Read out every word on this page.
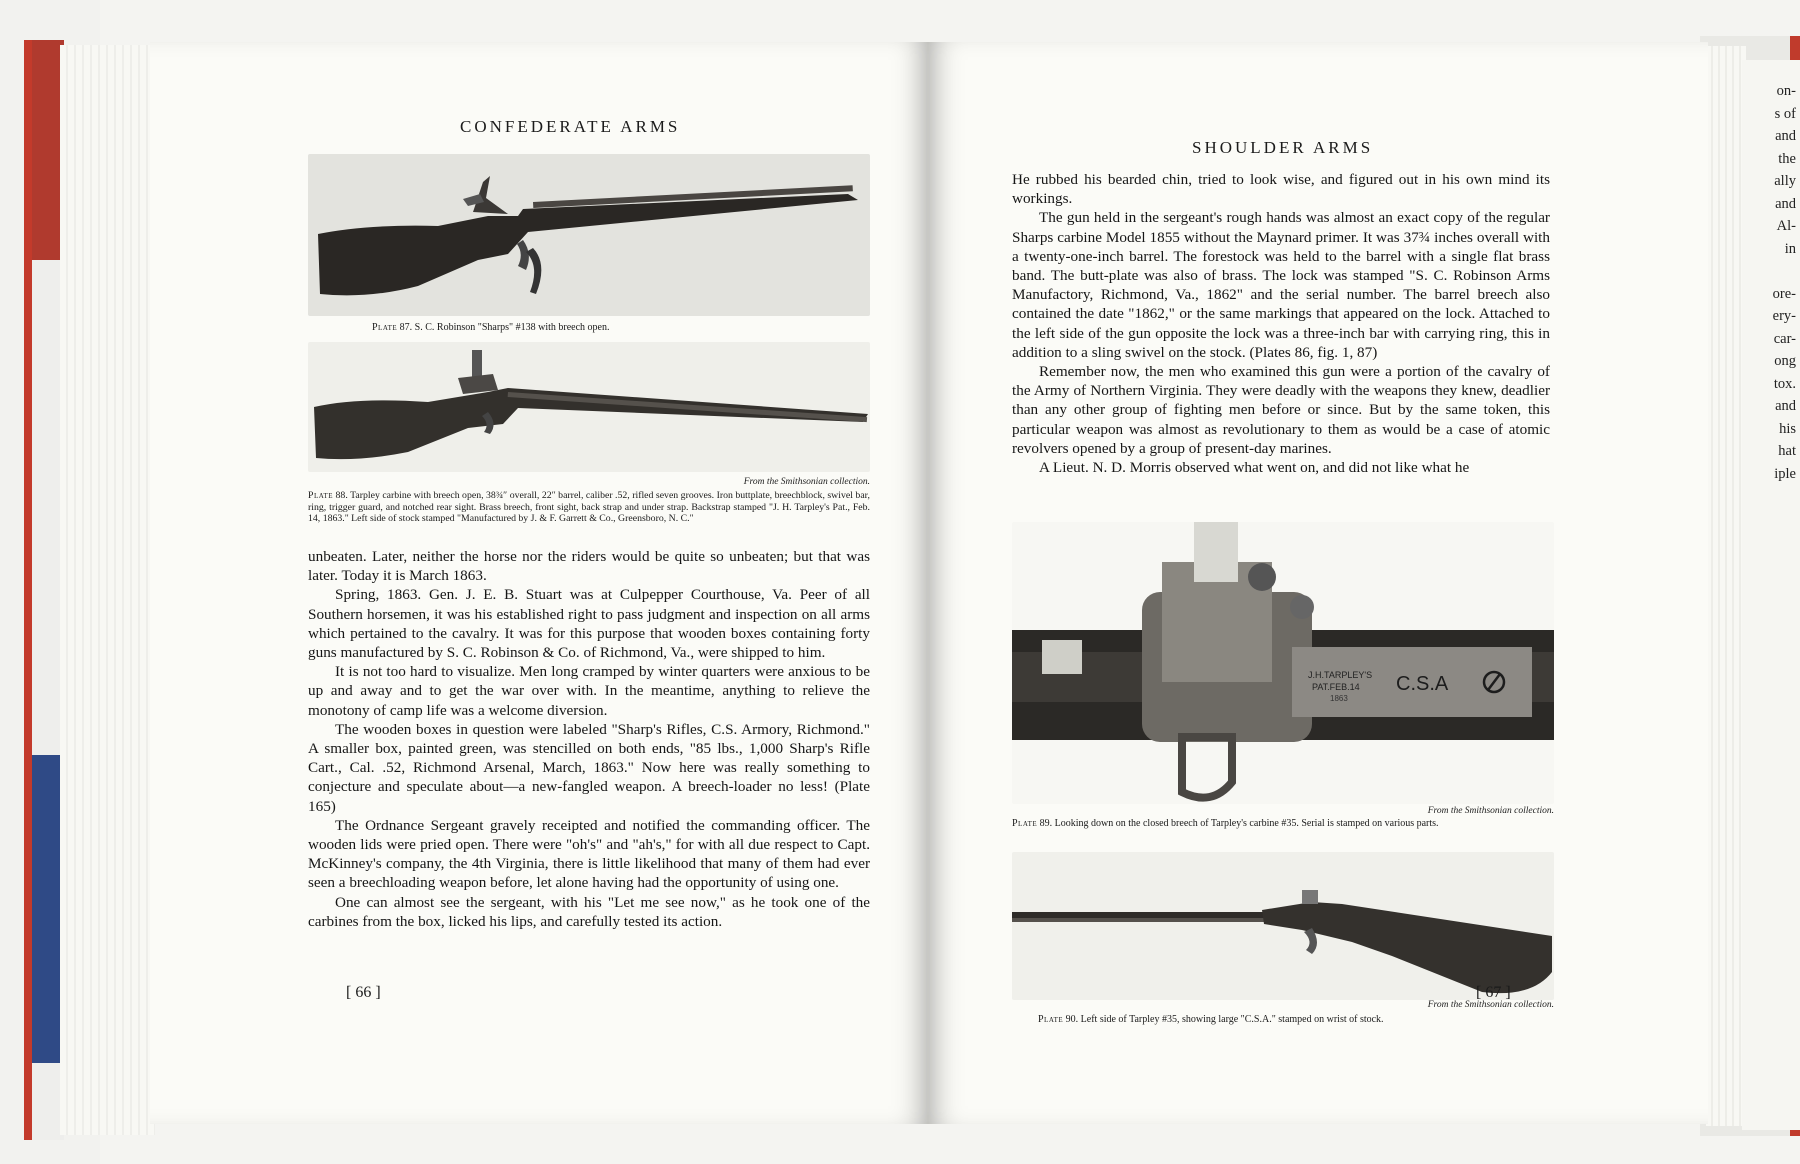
on-
s of
and
the
ally
and
Al-
in

ore-
ery-
car-
ong
tox.
and
his
hat
iple
CONFEDERATE ARMS
Plate 87. S. C. Robinson "Sharps" #138 with breech open.
From the Smithsonian collection.
Plate 88. Tarpley carbine with breech open, 38¾″ overall, 22″ barrel, caliber .52, rifled seven grooves. Iron buttplate, breechblock, swivel bar, ring, trigger guard, and notched rear sight. Brass breech, front sight, back strap and under strap. Backstrap stamped "J. H. Tarpley's Pat., Feb. 14, 1863." Left side of stock stamped "Manufactured by J. & F. Garrett & Co., Greensboro, N. C."

unbeaten. Later, neither the horse nor the riders would be quite so unbeaten; but that was later. Today it is March 1863.

Spring, 1863. Gen. J. E. B. Stuart was at Culpepper Courthouse, Va. Peer of all Southern horsemen, it was his established right to pass judgment and inspection on all arms which pertained to the cavalry. It was for this purpose that wooden boxes containing forty guns manufactured by S. C. Robinson & Co. of Richmond, Va., were shipped to him.

It is not too hard to visualize. Men long cramped by winter quarters were anxious to be up and away and to get the war over with. In the meantime, anything to relieve the monotony of camp life was a welcome diversion.

The wooden boxes in question were labeled "Sharp's Rifles, C.S. Armory, Richmond." A smaller box, painted green, was stencilled on both ends, "85 lbs., 1,000 Sharp's Rifle Cart., Cal. .52, Richmond Arsenal, March, 1863." Now here was really something to conjecture and speculate about—a new-fangled weapon. A breech-loader no less! (Plate 165)

The Ordnance Sergeant gravely receipted and notified the commanding officer. The wooden lids were pried open. There were "oh's" and "ah's," for with all due respect to Capt. McKinney's company, the 4th Virginia, there is little likelihood that many of them had ever seen a breechloading weapon before, let alone having had the opportunity of using one.

One can almost see the sergeant, with his "Let me see now," as he took one of the carbines from the box, licked his lips, and carefully tested its action.

[ 66 ]
SHOULDER ARMS

He rubbed his bearded chin, tried to look wise, and figured out in his own mind its workings.

The gun held in the sergeant's rough hands was almost an exact copy of the regular Sharps carbine Model 1855 without the Maynard primer. It was 37¾ inches overall with a twenty-one-inch barrel. The forestock was held to the barrel with a single flat brass band. The butt-plate was also of brass. The lock was stamped "S. C. Robinson Arms Manufactory, Richmond, Va., 1862" and the serial number. The barrel breech also contained the date "1862," or the same markings that appeared on the lock. Attached to the left side of the gun opposite the lock was a three-inch bar with carrying ring, this in addition to a sling swivel on the stock. (Plates 86, fig. 1, 87)

Remember now, the men who examined this gun were a portion of the cavalry of the Army of Northern Virginia. They were deadly with the weapons they knew, deadlier than any other group of fighting men before or since. But by the same token, this particular weapon was almost as revolutionary to them as would be a case of atomic revolvers opened by a group of present-day marines.

A Lieut. N. D. Morris observed what went on, and did not like what he

J.H.TARPLEY'S
PAT.FEB.14
1863
C.S.A
From the Smithsonian collection.
Plate 89. Looking down on the closed breech of Tarpley's carbine #35. Serial is stamped on various parts.
From the Smithsonian collection.
Plate 90. Left side of Tarpley #35, showing large "C.S.A." stamped on wrist of stock.
[ 67 ]
